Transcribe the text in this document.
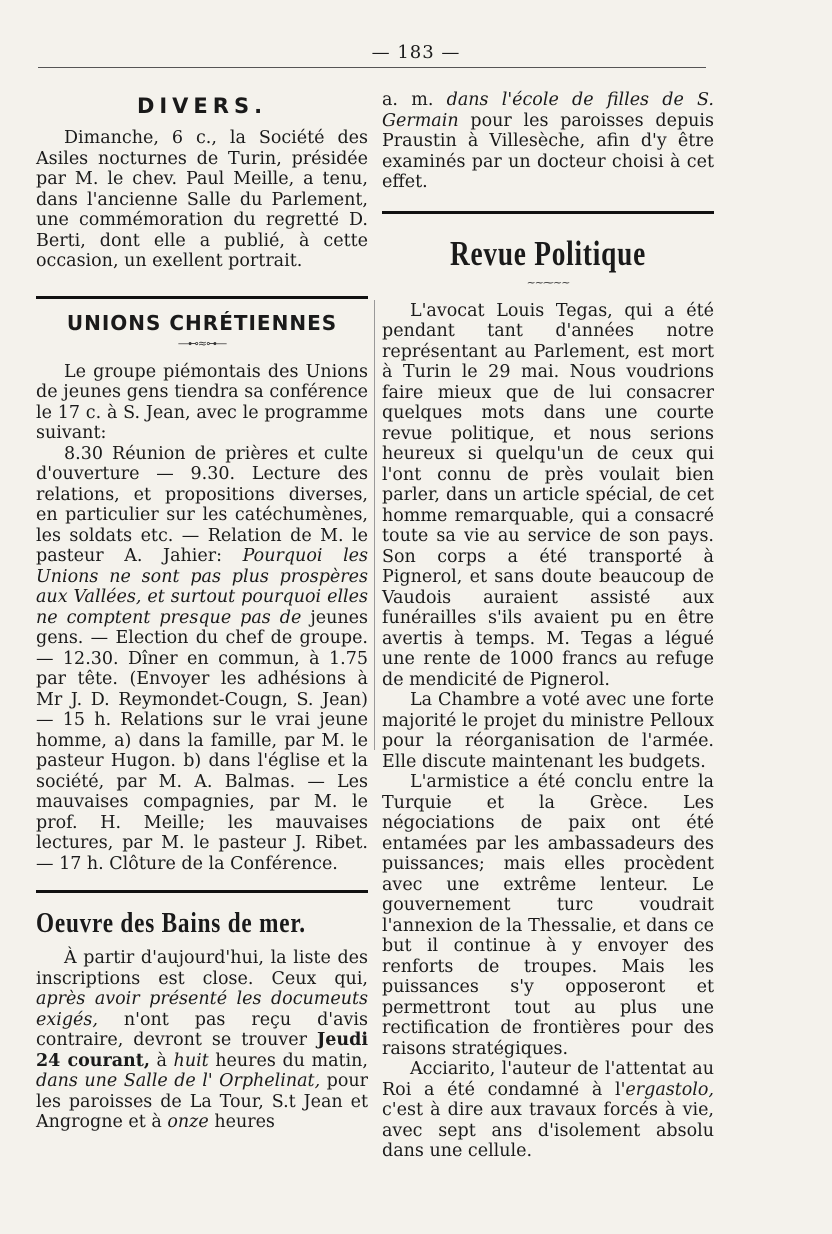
— 183 —
DIVERS.

Dimanche, 6 c., la Société des Asiles nocturnes de Turin, présidée par M. le chev. Paul Meille, a tenu, dans l'ancienne Salle du Parlement, une commémoration du regretté D. Berti, dont elle a publié, à cette occasion, un exellent portrait.

UNIONS CHRÉTIENNES
—⊷≈⊶—

Le groupe piémontais des Unions de jeunes gens tiendra sa conférence le 17 c. à S. Jean, avec le programme suivant:

8.30 Réunion de prières et culte d'ouverture — 9.30. Lecture des relations, et propositions diverses, en particulier sur les catéchumènes, les soldats etc. — Relation de M. le pasteur A. Jahier: Pourquoi les Unions ne sont pas plus prospères aux Vallées, et surtout pourquoi elles ne comptent presque pas de jeunes gens. — Election du chef de groupe. — 12.30. Dîner en commun, à 1.75 par tête. (Envoyer les adhésions à Mr J. D. Reymondet-Cougn, S. Jean) — 15 h. Relations sur le vrai jeune homme, a) dans la famille, par M. le pasteur Hugon. b) dans l'église et la société, par M. A. Balmas. — Les mauvaises compagnies, par M. le prof. H. Meille; les mauvaises lectures, par M. le pasteur J. Ribet. — 17 h. Clôture de la Conférence.

Oeuvre des Bains de mer.

À partir d'aujourd'hui, la liste des inscriptions est close. Ceux qui, après avoir présenté les documeuts exigés, n'ont pas reçu d'avis contraire, devront se trouver Jeudi 24 courant, à huit heures du matin, dans une Salle de l' Orphelinat, pour les paroisses de La Tour, S.t Jean et Angrogne et à onze heures

a. m. dans l'école de filles de S. Germain pour les paroisses depuis Praustin à Villesèche, afin d'y être examinés par un docteur choisi à cet effet.

Revue Politique
~~⁓~~

L'avocat Louis Tegas, qui a été pendant tant d'années notre représentant au Parlement, est mort à Turin le 29 mai. Nous voudrions faire mieux que de lui consacrer quelques mots dans une courte revue politique, et nous serions heureux si quelqu'un de ceux qui l'ont connu de près voulait bien parler, dans un article spécial, de cet homme remarquable, qui a consacré toute sa vie au service de son pays. Son corps a été transporté à Pignerol, et sans doute beaucoup de Vaudois auraient assisté aux funérailles s'ils avaient pu en être avertis à temps. M. Tegas a légué une rente de 1000 francs au refuge de mendicité de Pignerol.

La Chambre a voté avec une forte majorité le projet du ministre Pelloux pour la réorganisation de l'armée. Elle discute maintenant les budgets.

L'armistice a été conclu entre la Turquie et la Grèce. Les négociations de paix ont été entamées par les ambassadeurs des puissances; mais elles procèdent avec une extrême lenteur. Le gouvernement turc voudrait l'annexion de la Thessalie, et dans ce but il continue à y envoyer des renforts de troupes. Mais les puissances s'y opposeront et permettront tout au plus une rectification de frontières pour des raisons stratégiques.

Acciarito, l'auteur de l'attentat au Roi a été condamné à l'ergastolo, c'est à dire aux travaux forcés à vie, avec sept ans d'isolement absolu dans une cellule.
